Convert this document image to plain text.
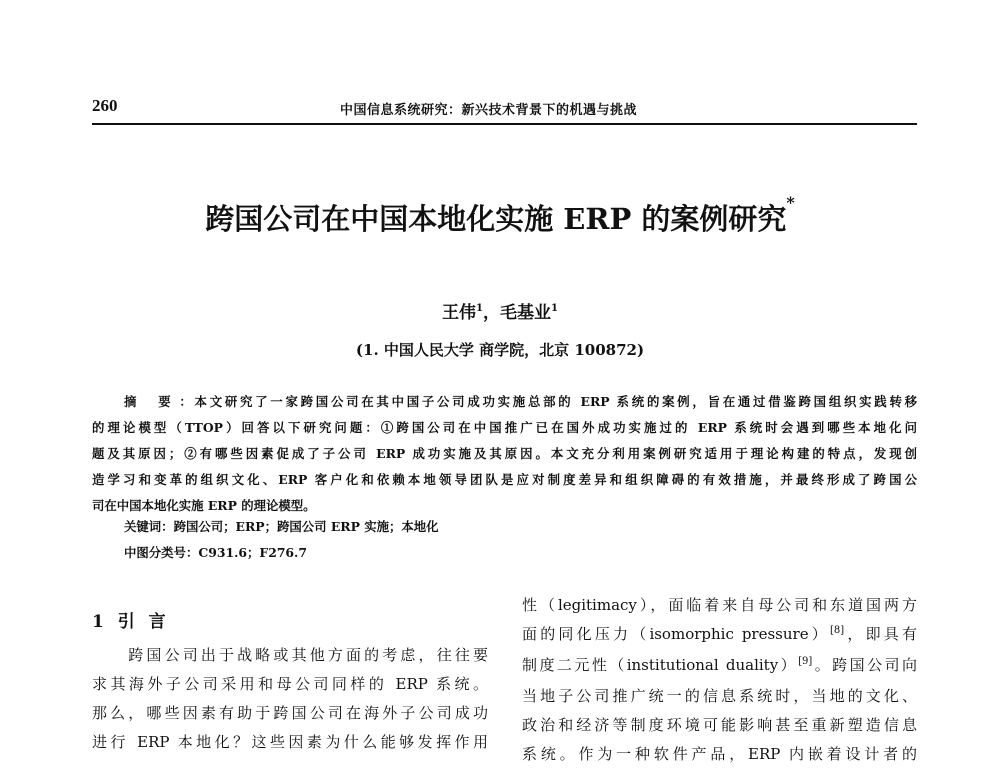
260	中国信息系统研究：新兴技术背景下的机遇与挑战
跨国公司在中国本地化实施 ERP 的案例研究*
王伟$^1$，毛基业$^1$
(1. 中国人民大学 商学院，北京 100872)
摘 要：本文研究了一家跨国公司在其中国子公司成功实施总部的 ERP 系统的案例，旨在通过借鉴跨国组织实践转移
的理论模型（TTOP）回答以下研究问题：①跨国公司在中国推广已在国外成功实施过的 ERP 系统时会遇到哪些本地化问
题及其原因；②有哪些因素促成了子公司 ERP 成功实施及其原因。本文充分利用案例研究适用于理论构建的特点，发现创
造学习和变革的组织文化、ERP 客户化和依赖本地领导团队是应对制度差异和组织障碍的有效措施，并最终形成了跨国公
司在中国本地化实施 ERP 的理论模型。
关键词：跨国公司；ERP；跨国公司 ERP 实施；本地化
中图分类号：C931.6；F276.7
1 引 言
　　跨国公司出于战略或其他方面的考虑，往往要
求其海外子公司采用和母公司同样的 ERP 系统。
那么，哪些因素有助于跨国公司在海外子公司成功
进行 ERP 本地化？这些因素为什么能够发挥作用
性（legitimacy），面临着来自母公司和东道国两方
面的同化压力（isomorphic pressure）[8]，即具有
制度二元性（institutional duality）[9]。跨国公司向
当地子公司推广统一的信息系统时，当地的文化、
政治和经济等制度环境可能影响甚至重新塑造信息
系统。作为一种软件产品，ERP 内嵌着设计者的
